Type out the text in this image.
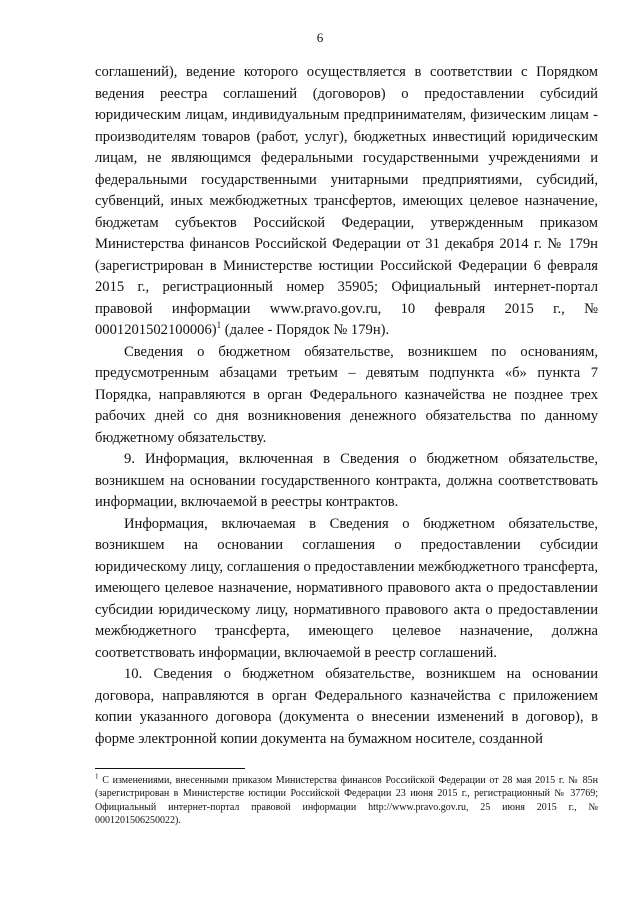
6

соглашений), ведение которого осуществляется в соответствии с Порядком ведения реестра соглашений (договоров) о предоставлении субсидий юридическим лицам, индивидуальным предпринимателям, физическим лицам - производителям товаров (работ, услуг), бюджетных инвестиций юридическим лицам, не являющимся федеральными государственными учреждениями и федеральными государственными унитарными предприятиями, субсидий, субвенций, иных межбюджетных трансфертов, имеющих целевое назначение, бюджетам субъектов Российской Федерации, утвержденным приказом Министерства финансов Российской Федерации от 31 декабря 2014 г. № 179н (зарегистрирован в Министерстве юстиции Российской Федерации 6 февраля 2015 г., регистрационный номер 35905; Официальный интернет-портал правовой информации www.pravo.gov.ru, 10 февраля 2015 г., № 0001201502100006)$^1$ (далее - Порядок № 179н).

Сведения о бюджетном обязательстве, возникшем по основаниям, предусмотренным абзацами третьим – девятым подпункта «б» пункта 7 Порядка, направляются в орган Федерального казначейства не позднее трех рабочих дней со дня возникновения денежного обязательства по данному бюджетному обязательству.

9. Информация, включенная в Сведения о бюджетном обязательстве, возникшем на основании государственного контракта, должна соответствовать информации, включаемой в реестры контрактов.

Информация, включаемая в Сведения о бюджетном обязательстве, возникшем на основании соглашения о предоставлении субсидии юридическому лицу, соглашения о предоставлении межбюджетного трансферта, имеющего целевое назначение, нормативного правового акта о предоставлении субсидии юридическому лицу, нормативного правового акта о предоставлении межбюджетного трансферта, имеющего целевое назначение, должна соответствовать информации, включаемой в реестр соглашений.

10. Сведения о бюджетном обязательстве, возникшем на основании договора, направляются в орган Федерального казначейства с приложением копии указанного договора (документа о внесении изменений в договор), в форме электронной копии документа на бумажном носителе, созданной

$^1$ С изменениями, внесенными приказом Министерства финансов Российской Федерации от 28 мая 2015 г. № 85н (зарегистрирован в Министерстве юстиции Российской Федерации 23 июня 2015 г., регистрационный № 37769; Официальный интернет-портал правовой информации http://www.pravo.gov.ru, 25 июня 2015 г., № 0001201506250022).
